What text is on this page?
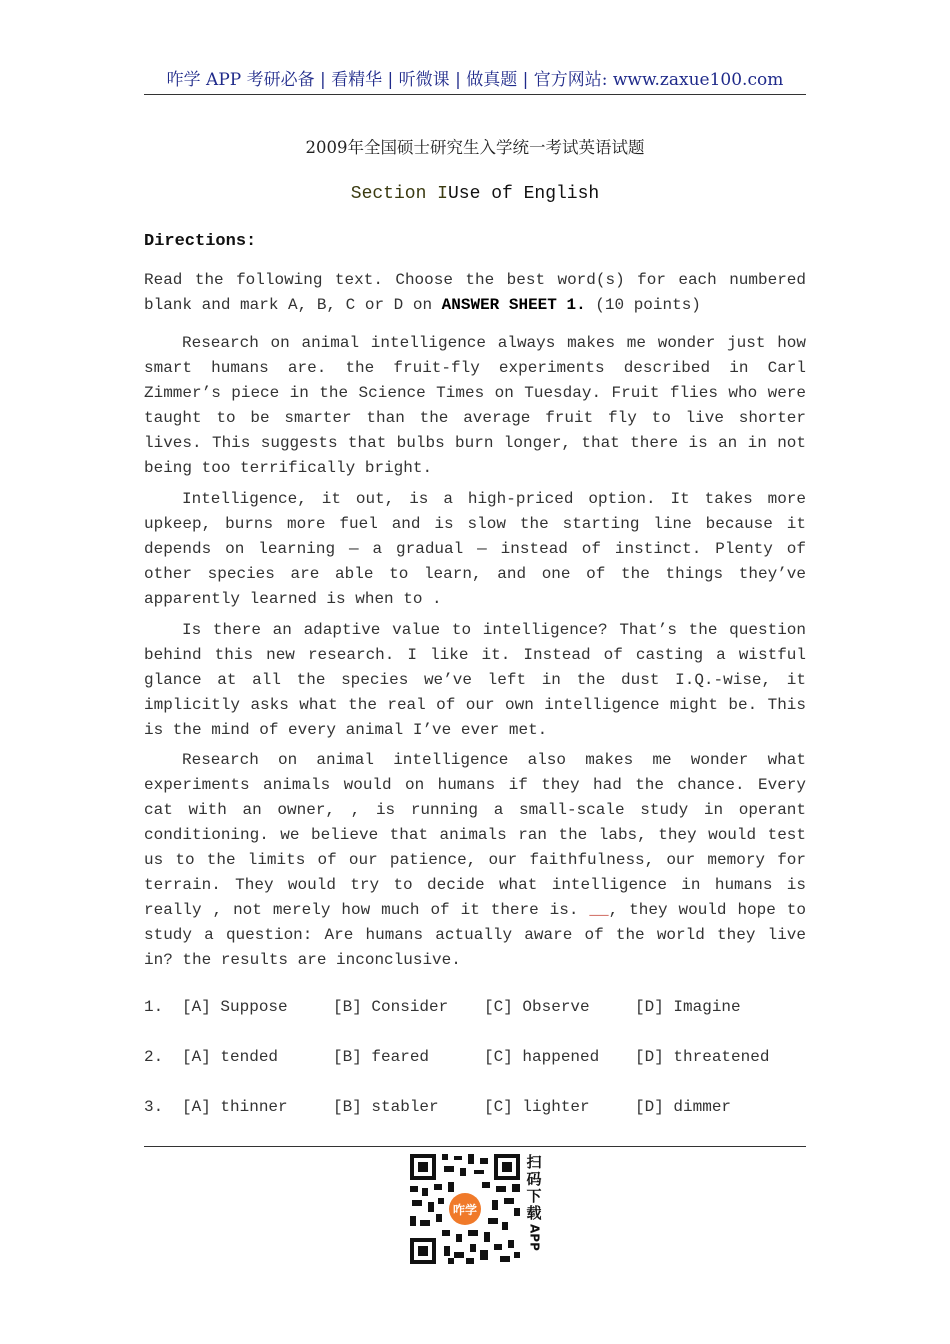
咋学 APP 考研必备 | 看精华 | 听微课 | 做真题 | 官方网站: www.zaxue100.com
2009年全国硕士研究生入学统一考试英语试题
Section IUse of English
Directions:
Read the following text. Choose the best word(s) for each numbered blank and mark A, B, C or D on ANSWER SHEET 1. (10 points)
Research on animal intelligence always makes me wonder just how smart humans are. the fruit-fly experiments described in Carl Zimmer’s piece in the Science Times on Tuesday. Fruit flies who were taught to be smarter than the average fruit fly to live shorter lives. This suggests that bulbs burn longer, that there is an in not being too terrifically bright.
Intelligence, it out, is a high-priced option. It takes more upkeep, burns more fuel and is slow the starting line because it depends on learning — a gradual — instead of instinct. Plenty of other species are able to learn, and one of the things they’ve apparently learned is when to .
Is there an adaptive value to intelligence? That’s the question behind this new research. I like it. Instead of casting a wistful glance at all the species we’ve left in the dust I.Q.-wise, it implicitly asks what the real of our own intelligence might be. This is the mind of every animal I’ve ever met.
Research on animal intelligence also makes me wonder what experiments animals would on humans if they had the chance. Every cat with an owner, , is running a small-scale study in operant conditioning. we believe that animals ran the labs, they would test us to the limits of our patience, our faithfulness, our memory for terrain. They would try to decide what intelligence in humans is really , not merely how much of it there is. __, they would hope to study a question: Are humans actually aware of the world they live in? the results are inconclusive.
1. [A] Suppose	[B] Consider [C] Observe	[D] Imagine
2. [A] tended	[B] feared	[C] happened [D] threatened
3. [A] thinner	[B] stabler	[C] lighter	[D] dimmer
咋学
扫
码
下
载
APP
